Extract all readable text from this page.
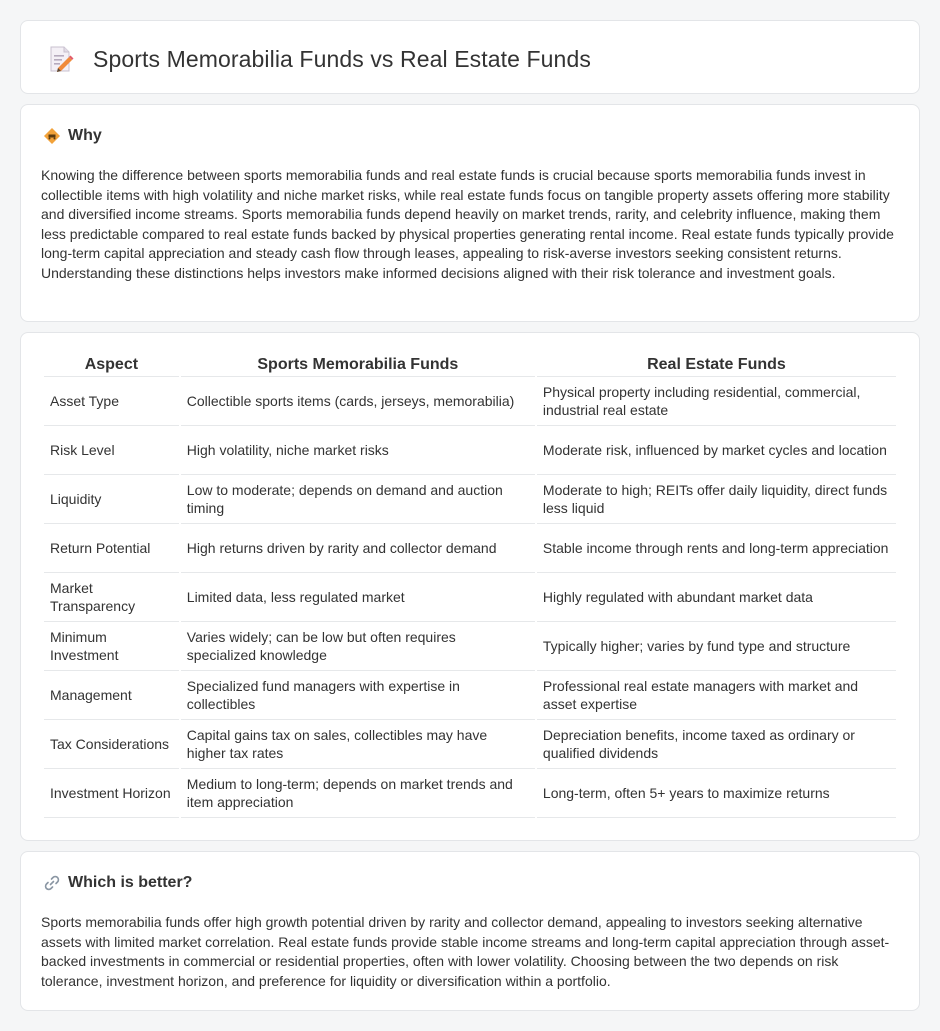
Sports Memorabilia Funds vs Real Estate Funds
Why

Knowing the difference between sports memorabilia funds and real estate funds is crucial because sports memorabilia funds invest in collectible items with high volatility and niche market risks, while real estate funds focus on tangible property assets offering more stability and diversified income streams. Sports memorabilia funds depend heavily on market trends, rarity, and celebrity influence, making them less predictable compared to real estate funds backed by physical properties generating rental income. Real estate funds typically provide long-term capital appreciation and steady cash flow through leases, appealing to risk-averse investors seeking consistent returns. Understanding these distinctions helps investors make informed decisions aligned with their risk tolerance and investment goals.

Aspect	Sports Memorabilia Funds	Real Estate Funds
Asset Type	Collectible sports items (cards, jerseys, memorabilia)	Physical property including residential, commercial, industrial real estate
Risk Level	High volatility, niche market risks	Moderate risk, influenced by market cycles and location
Liquidity	Low to moderate; depends on demand and auction timing	Moderate to high; REITs offer daily liquidity, direct funds less liquid
Return Potential	High returns driven by rarity and collector demand	Stable income through rents and long-term appreciation
Market Transparency	Limited data, less regulated market	Highly regulated with abundant market data
Minimum Investment	Varies widely; can be low but often requires specialized knowledge	Typically higher; varies by fund type and structure
Management	Specialized fund managers with expertise in collectibles	Professional real estate managers with market and asset expertise
Tax Considerations	Capital gains tax on sales, collectibles may have higher tax rates	Depreciation benefits, income taxed as ordinary or qualified dividends
Investment Horizon	Medium to long-term; depends on market trends and item appreciation	Long-term, often 5+ years to maximize returns
Which is better?

Sports memorabilia funds offer high growth potential driven by rarity and collector demand, appealing to investors seeking alternative assets with limited market correlation. Real estate funds provide stable income streams and long-term capital appreciation through asset-backed investments in commercial or residential properties, often with lower volatility. Choosing between the two depends on risk tolerance, investment horizon, and preference for liquidity or diversification within a portfolio.
